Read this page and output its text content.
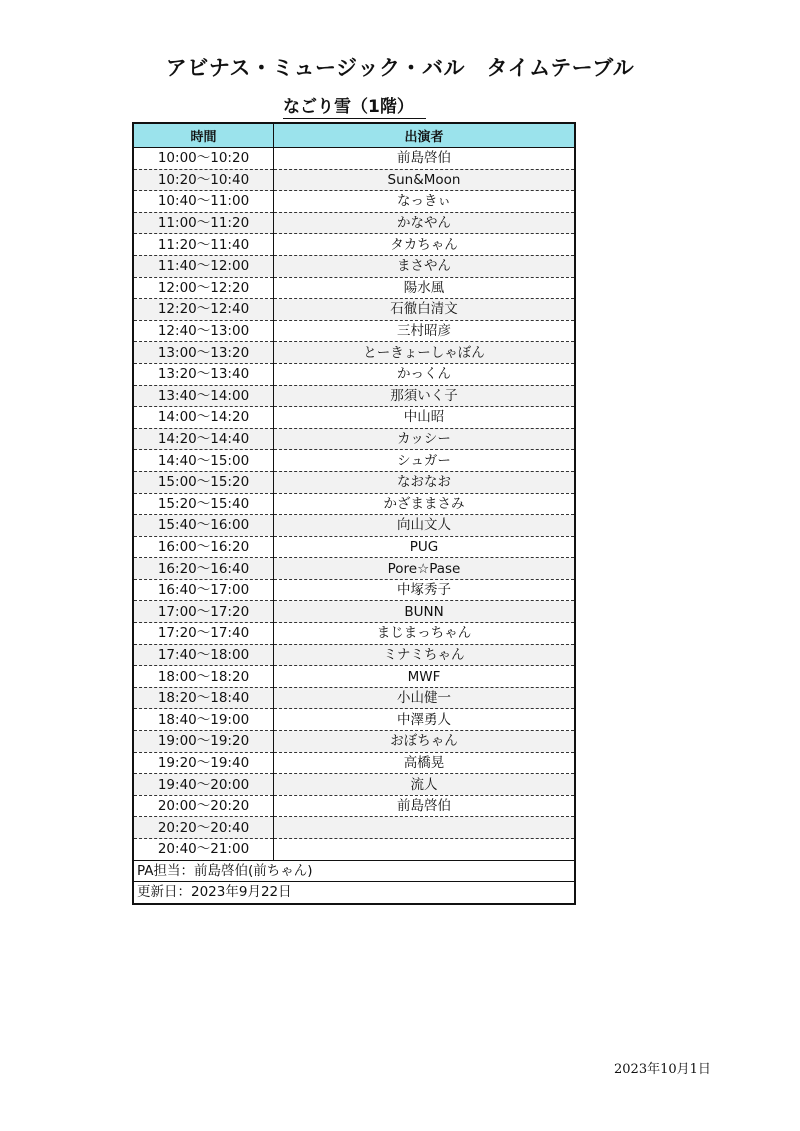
アビナス・ミュージック・バル　タイムテーブル
なごり雪（1階）
時間	出演者
10:00～10:20	前島啓伯
10:20～10:40	Sun&Moon
10:40～11:00	なっきぃ
11:00～11:20	かなやん
11:20～11:40	タカちゃん
11:40～12:00	まさやん
12:00～12:20	陽水風
12:20～12:40	石徹白清文
12:40～13:00	三村昭彦
13:00～13:20	とーきょーしゃぼん
13:20～13:40	かっくん
13:40～14:00	那須いく子
14:00～14:20	中山昭
14:20～14:40	カッシー
14:40～15:00	シュガー
15:00～15:20	なおなお
15:20～15:40	かざままさみ
15:40～16:00	向山文人
16:00～16:20	PUG
16:20～16:40	Pore☆Pase
16:40～17:00	中塚秀子
17:00～17:20	BUNN
17:20～17:40	まじまっちゃん
17:40～18:00	ミナミちゃん
18:00～18:20	MWF
18:20～18:40	小山健一
18:40～19:00	中澤勇人
19:00～19:20	おぼちゃん
19:20～19:40	高橋晃
19:40～20:00	流人
20:00～20:20	前島啓伯
20:20～20:40	
20:40～21:00	
PA担当：前島啓伯(前ちゃん)
更新日：2023年9月22日
2023年10月1日
